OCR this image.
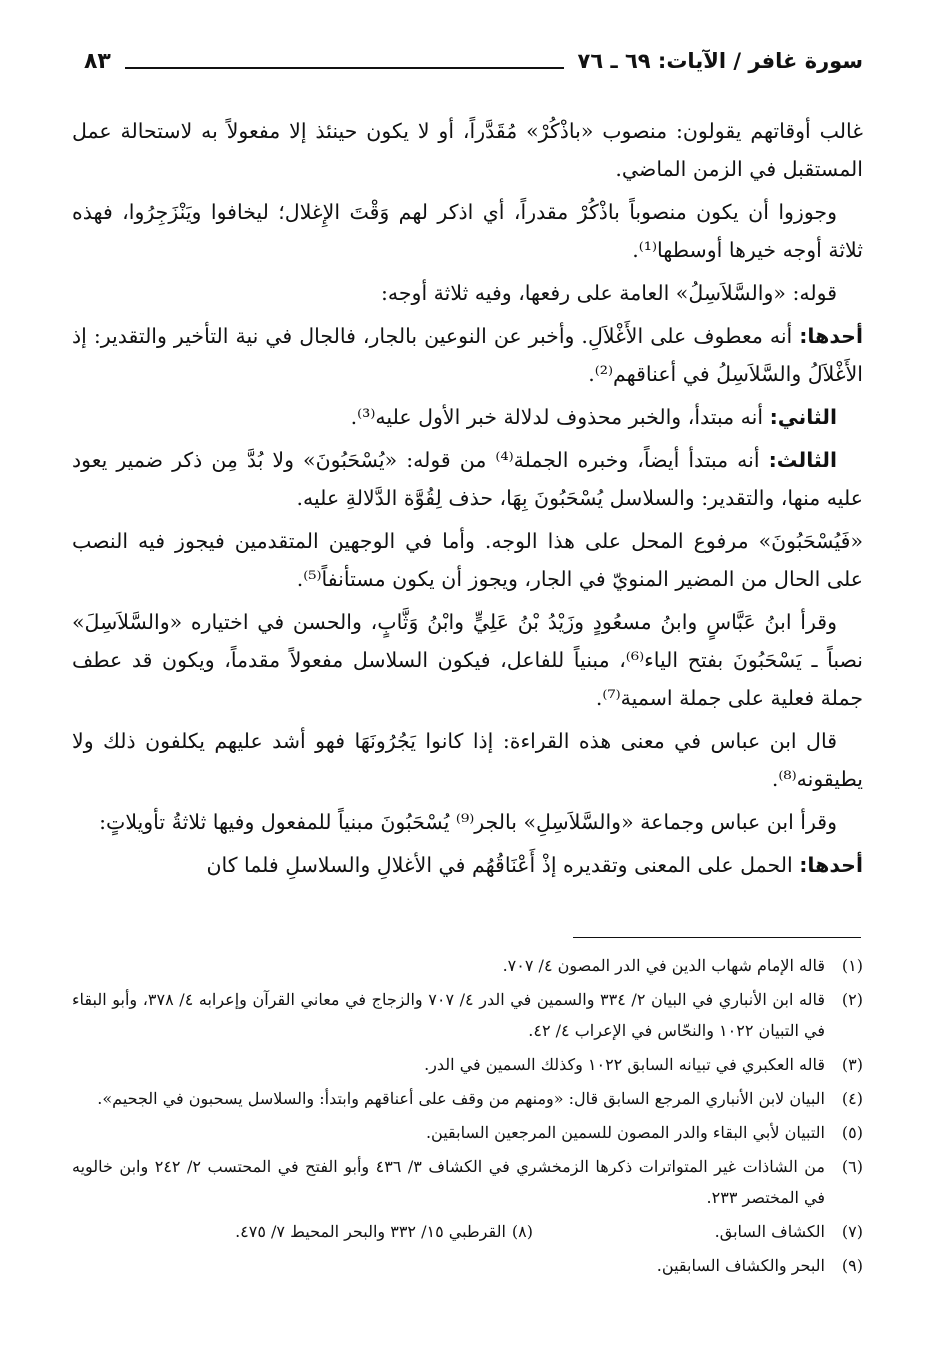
سورة غافر / الآيات: ٦٩ ـ ٧٦
٨٣

غالب أوقاتهم يقولون: منصوب «باذْكُرْ» مُقَدَّراً، أو لا يكون حينئذ إلا مفعولاً به لاستحالة عمل المستقبل في الزمن الماضي.

وجوزوا أن يكون منصوباً باذْكُرْ مقدراً، أي اذكر لهم وَقْتَ الإِغلال؛ ليخافوا ويَنْزَجِرُوا، فهذه ثلاثة أوجه خيرها أوسطها⁽¹⁾.

قوله: «والسَّلاَسِلُ» العامة على رفعها، وفيه ثلاثة أوجه:

أحدها: أنه معطوف على الأَغْلاَلِ. وأخبر عن النوعين بالجار، فالجال في نية التأخير والتقدير: إذ الأَغْلاَلُ والسَّلاَسِلُ في أعناقهم⁽²⁾.

الثاني: أنه مبتدأ، والخبر محذوف لدلالة خبر الأول عليه⁽³⁾.

الثالث: أنه مبتدأ أيضاً، وخبره الجملة⁽⁴⁾ من قوله: «يُسْحَبُونَ» ولا بُدَّ مِن ذكر ضمير يعود عليه منها، والتقدير: والسلاسل يُسْحَبُونَ بِهَا، حذف لِقُوَّة الدَّلالةِ عليه.

«فَيُسْحَبُونَ» مرفوع المحل على هذا الوجه. وأما في الوجهين المتقدمين فيجوز فيه النصب على الحال من المضير المنويّ في الجار، ويجوز أن يكون مستأنفاً⁽⁵⁾.

وقرأ ابنُ عَبَّاسٍ وابنُ مسعُودٍ وزَيْدُ بْنُ عَلِيٍّ وابْنُ وَثَّابٍ، والحسن في اختياره «والسَّلاَسِلَ» نصباً ـ يَسْحَبُونَ بفتح الياء⁽⁶⁾، مبنياً للفاعل، فيكون السلاسل مفعولاً مقدماً، ويكون قد عطف جملة فعلية على جملة اسمية⁽⁷⁾.

قال ابن عباس في معنى هذه القراءة: إذا كانوا يَجُرُونَهَا فهو أشد عليهم يكلفون ذلك ولا يطيقونه⁽⁸⁾.

وقرأ ابن عباس وجماعة «والسَّلاَسِلِ» بالجر⁽⁹⁾ يُسْحَبُونَ مبنياً للمفعول وفيها ثلاثةُ تأويلاتٍ:

أحدها: الحمل على المعنى وتقديره إذْ أَعْنَاقُهُم في الأغلالِ والسلاسلِ فلما كان

(١)
قاله الإمام شهاب الدين في الدر المصون ٤/ ٧٠٧.
(٢)
قاله ابن الأنباري في البيان ٢/ ٣٣٤ والسمين في الدر ٤/ ٧٠٧ والزجاج في معاني القرآن وإعرابه ٤/ ٣٧٨، وأبو البقاء في التبيان ١٠٢٢ والنحّاس في الإعراب ٤/ ٤٢.
(٣)
قاله العكبري في تبيانه السابق ١٠٢٢ وكذلك السمين في الدر.
(٤)
البيان لابن الأنباري المرجع السابق قال: «ومنهم من وقف على أعناقهم وابتدأ: والسلاسل يسحبون في الجحيم».
(٥)
التبيان لأبي البقاء والدر المصون للسمين المرجعين السابقين.
(٦)
من الشاذات غير المتواترات ذكرها الزمخشري في الكشاف ٣/ ٤٣٦ وأبو الفتح في المحتسب ٢/ ٢٤٢ وابن خالويه في المختصر ٢٣٣.
(٧)
الكشاف السابق.
(٨)
القرطبي ١٥/ ٣٣٢ والبحر المحيط ٧/ ٤٧٥.
(٩)
البحر والكشاف السابقين.
